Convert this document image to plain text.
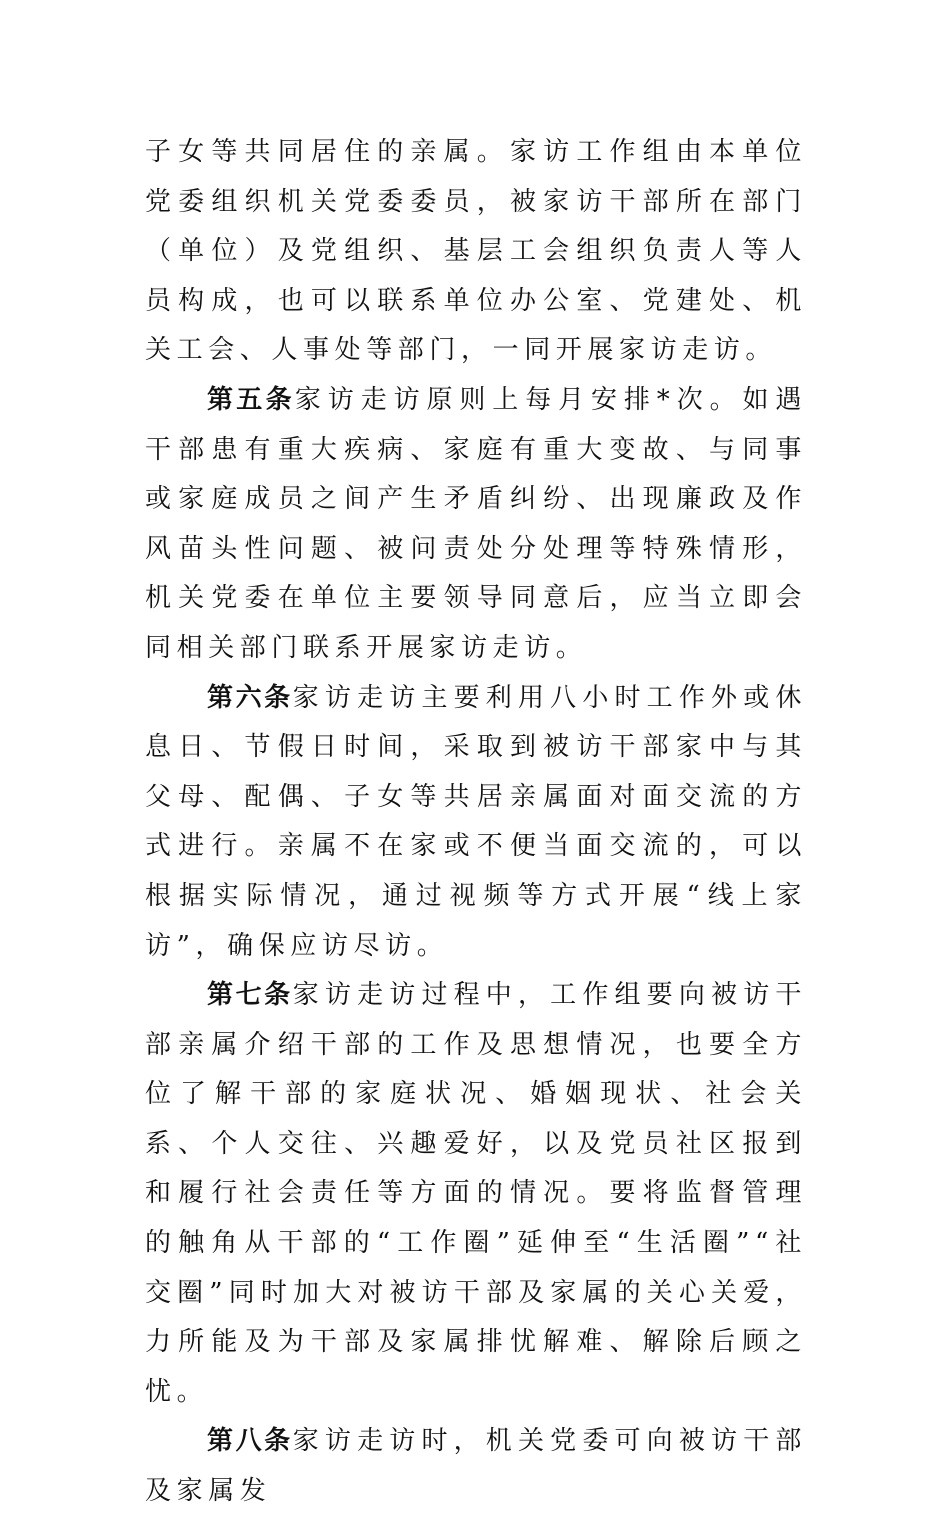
子女等共同居住的亲属。家访工作组由本单位党委组织机关党委委员，被家访干部所在部门（单位）及党组织、基层工会组织负责人等人员构成，也可以联系单位办公室、党建处、机关工会、人事处等部门，一同开展家访走访。

第五条家访走访原则上每月安排*次。如遇干部患有重大疾病、家庭有重大变故、与同事或家庭成员之间产生矛盾纠纷、出现廉政及作风苗头性问题、被问责处分处理等特殊情形，机关党委在单位主要领导同意后，应当立即会同相关部门联系开展家访走访。

第六条家访走访主要利用八小时工作外或休息日、节假日时间，采取到被访干部家中与其父母、配偶、子女等共居亲属面对面交流的方式进行。亲属不在家或不便当面交流的，可以根据实际情况，通过视频等方式开展“线上家访”，确保应访尽访。

第七条家访走访过程中，工作组要向被访干部亲属介绍干部的工作及思想情况，也要全方位了解干部的家庭状况、婚姻现状、社会关系、个人交往、兴趣爱好，以及党员社区报到和履行社会责任等方面的情况。要将监督管理的触角从干部的“工作圈”延伸至“生活圈”“社交圈”同时加大对被访干部及家属的关心关爱，力所能及为干部及家属排忧解难、解除后顾之忧。

第八条家访走访时，机关党委可向被访干部及家属发
